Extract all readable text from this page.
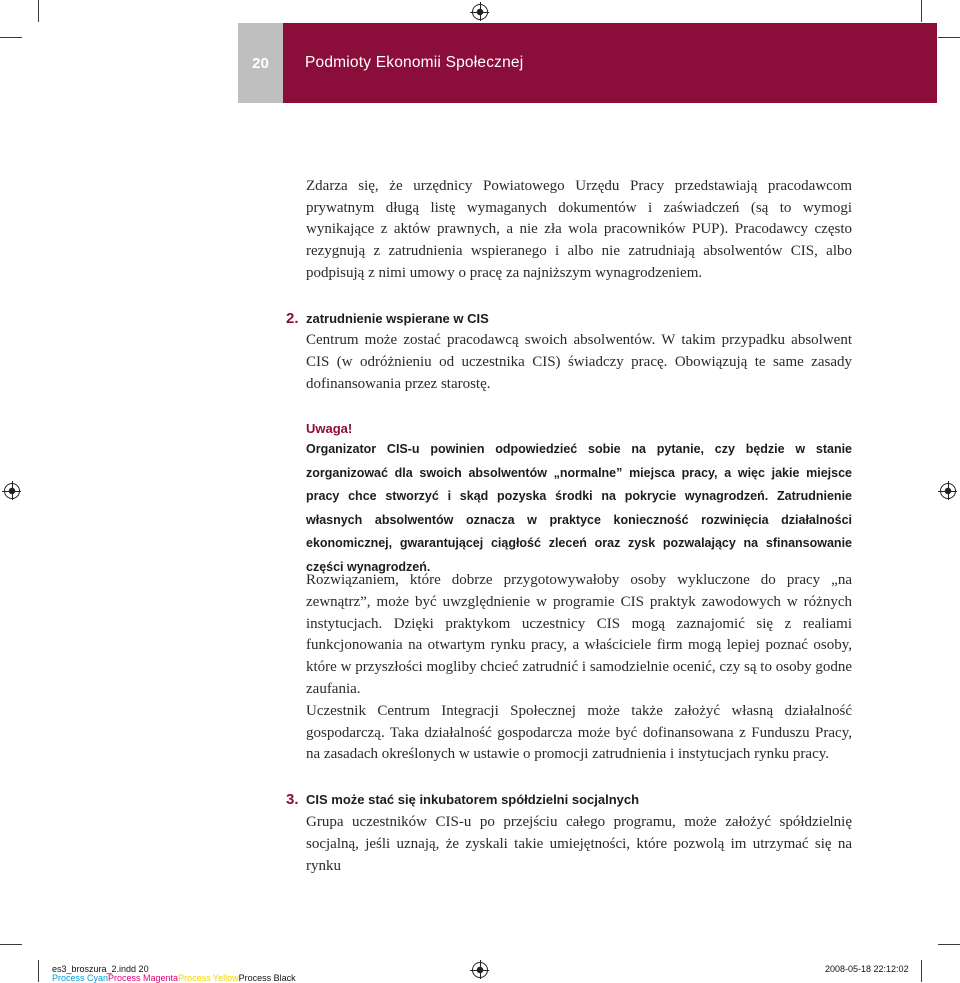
20	Podmioty Ekonomii Społecznej

Zdarza się, że urzędnicy Powiatowego Urzędu Pracy przedstawiają pracodawcom prywatnym długą listę wymaganych dokumentów i zaświadczeń (są to wymogi wynikające z aktów prawnych, a nie zła wola pracowników PUP). Pracodawcy często rezygnują z zatrudnienia wspieranego i albo nie zatrudniają absolwentów CIS, albo podpisują z nimi umowy o pracę za najniższym wynagrodzeniem.

2. zatrudnienie wspierane w CIS

Centrum może zostać pracodawcą swoich absolwentów. W takim przypadku absolwent CIS (w odróżnieniu od uczestnika CIS) świadczy pracę. Obowiązują te same zasady dofinansowania przez starostę.

Uwaga!

Organizator CIS-u powinien odpowiedzieć sobie na pytanie, czy będzie w stanie zorganizować dla swoich absolwentów „normalne” miejsca pracy, a więc jakie miejsce pracy chce stworzyć i skąd pozyska środki na pokrycie wynagrodzeń. Zatrudnienie własnych absolwentów oznacza w praktyce konieczność rozwinięcia działalności ekonomicznej, gwarantującej ciągłość zleceń oraz zysk pozwalający na sfinansowanie części wynagrodzeń.

Rozwiązaniem, które dobrze przygotowywałoby osoby wykluczone do pracy „na zewnątrz”, może być uwzględnienie w programie CIS praktyk zawodowych w różnych instytucjach. Dzięki praktykom uczestnicy CIS mogą zaznajomić się z realiami funkcjonowania na otwartym rynku pracy, a właściciele firm mogą lepiej poznać osoby, które w przyszłości mogliby chcieć zatrudnić i samodzielnie ocenić, czy są to osoby godne zaufania.

Uczestnik Centrum Integracji Społecznej może także założyć własną działalność gospodarczą. Taka działalność gospodarcza może być dofinansowana z Funduszu Pracy, na zasadach określonych w ustawie o promocji zatrudnienia i instytucjach rynku pracy.

3. CIS może stać się inkubatorem spółdzielni socjalnych

Grupa uczestników CIS-u po przejściu całego programu, może założyć spółdzielnię socjalną, jeśli uznają, że zyskali takie umiejętności, które pozwolą im utrzymać się na rynku

es3_broszura_2.indd 20	2008-05-18 22:12:02
Process CyanProcess MagentaProcess YellowProcess Black
